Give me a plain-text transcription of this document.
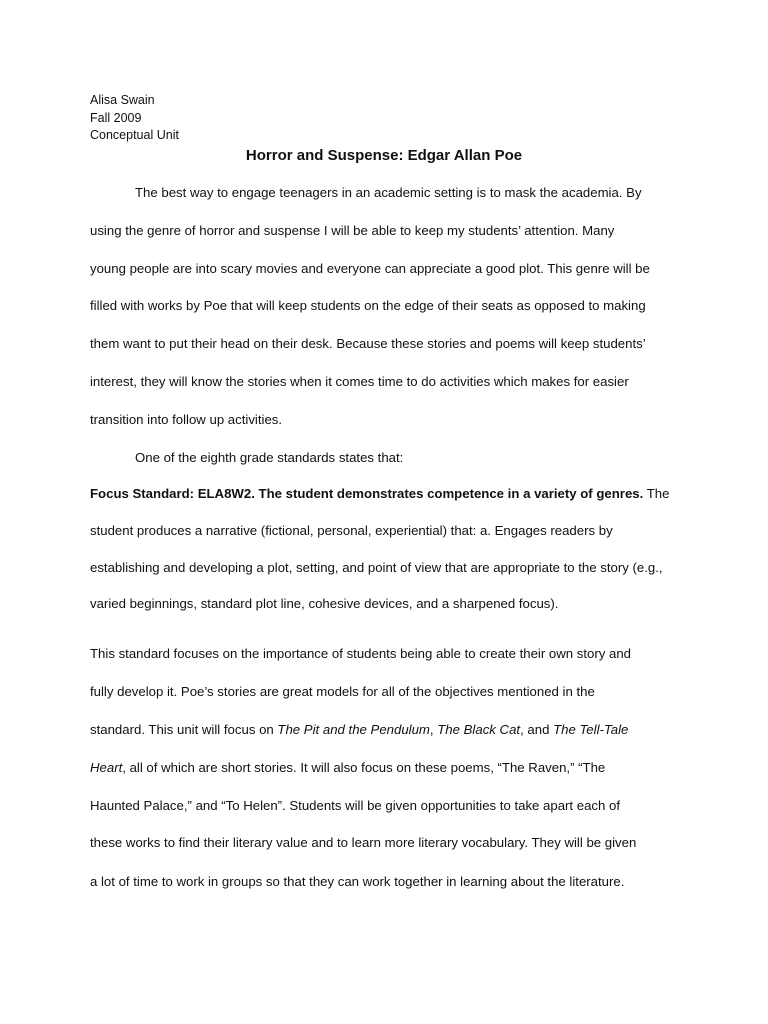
Alisa Swain
Fall 2009
Conceptual Unit
Horror and Suspense: Edgar Allan Poe
The best way to engage teenagers in an academic setting is to mask the academia. By
using the genre of horror and suspense I will be able to keep my students’ attention. Many
young people are into scary movies and everyone can appreciate a good plot. This genre will be
filled with works by Poe that will keep students on the edge of their seats as opposed to making
them want to put their head on their desk. Because these stories and poems will keep students’
interest, they will know the stories when it comes time to do activities which makes for easier
transition into follow up activities.
One of the eighth grade standards states that:
Focus Standard: ELA8W2. The student demonstrates competence in a variety of genres. The
student produces a narrative (fictional, personal, experiential) that: a. Engages readers by
establishing and developing a plot, setting, and point of view that are appropriate to the story (e.g.,
varied beginnings, standard plot line, cohesive devices, and a sharpened focus).
This standard focuses on the importance of students being able to create their own story and
fully develop it. Poe’s stories are great models for all of the objectives mentioned in the
standard. This unit will focus on The Pit and the Pendulum, The Black Cat, and The Tell-Tale
Heart, all of which are short stories. It will also focus on these poems, “The Raven,” “The
Haunted Palace,” and “To Helen”. Students will be given opportunities to take apart each of
these works to find their literary value and to learn more literary vocabulary. They will be given
a lot of time to work in groups so that they can work together in learning about the literature.
